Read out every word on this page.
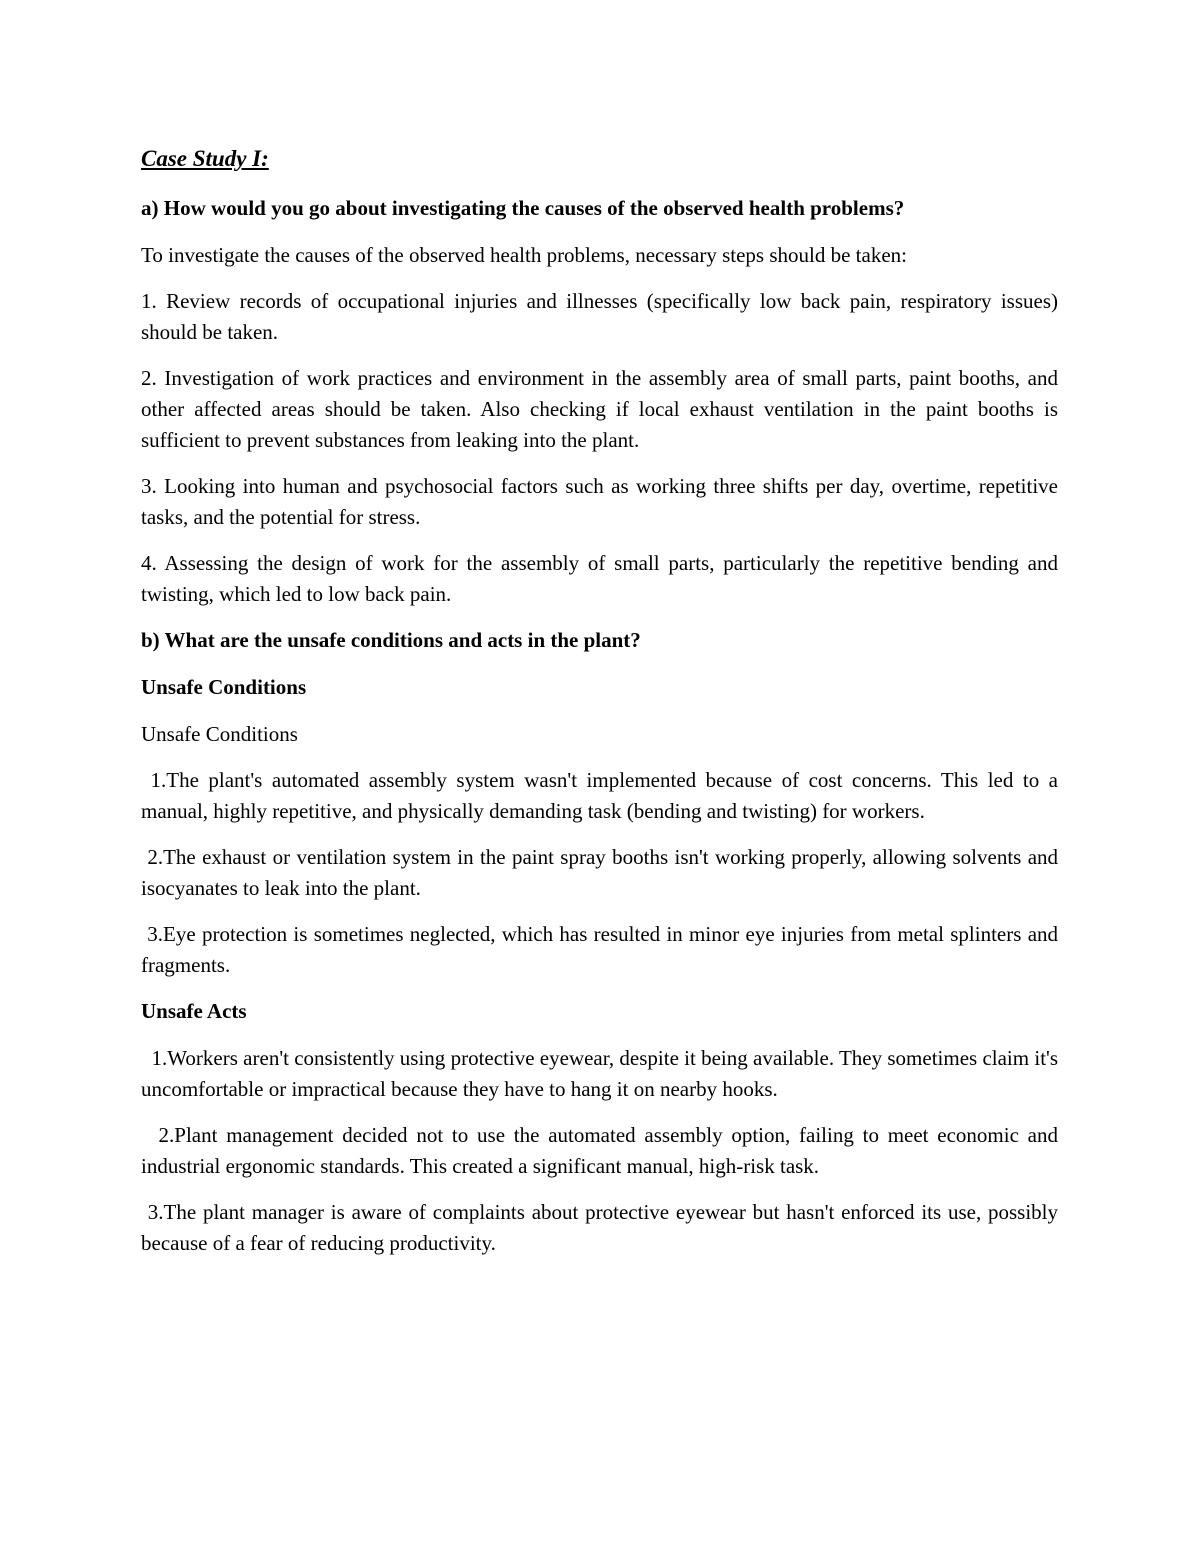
Case Study I:
a) How would you go about investigating the causes of the observed health problems?
To investigate the causes of the observed health problems, necessary steps should be taken:
1. Review records of occupational injuries and illnesses (specifically low back pain, respiratory issues) should be taken.
2. Investigation of work practices and environment in the assembly area of small parts, paint booths, and other affected areas should be taken. Also checking if local exhaust ventilation in the paint booths is sufficient to prevent substances from leaking into the plant.
3. Looking into human and psychosocial factors such as working three shifts per day, overtime, repetitive tasks, and the potential for stress.
4. Assessing the design of work for the assembly of small parts, particularly the repetitive bending and twisting, which led to low back pain.
b) What are the unsafe conditions and acts in the plant?
Unsafe Conditions
Unsafe Conditions
1.The plant's automated assembly system wasn't implemented because of cost concerns. This led to a manual, highly repetitive, and physically demanding task (bending and twisting) for workers.
2.The exhaust or ventilation system in the paint spray booths isn't working properly, allowing solvents and isocyanates to leak into the plant.
3.Eye protection is sometimes neglected, which has resulted in minor eye injuries from metal splinters and fragments.
Unsafe Acts
1.Workers aren't consistently using protective eyewear, despite it being available. They sometimes claim it's uncomfortable or impractical because they have to hang it on nearby hooks.
2.Plant management decided not to use the automated assembly option, failing to meet economic and industrial ergonomic standards. This created a significant manual, high-risk task.
3.The plant manager is aware of complaints about protective eyewear but hasn't enforced its use, possibly because of a fear of reducing productivity.
